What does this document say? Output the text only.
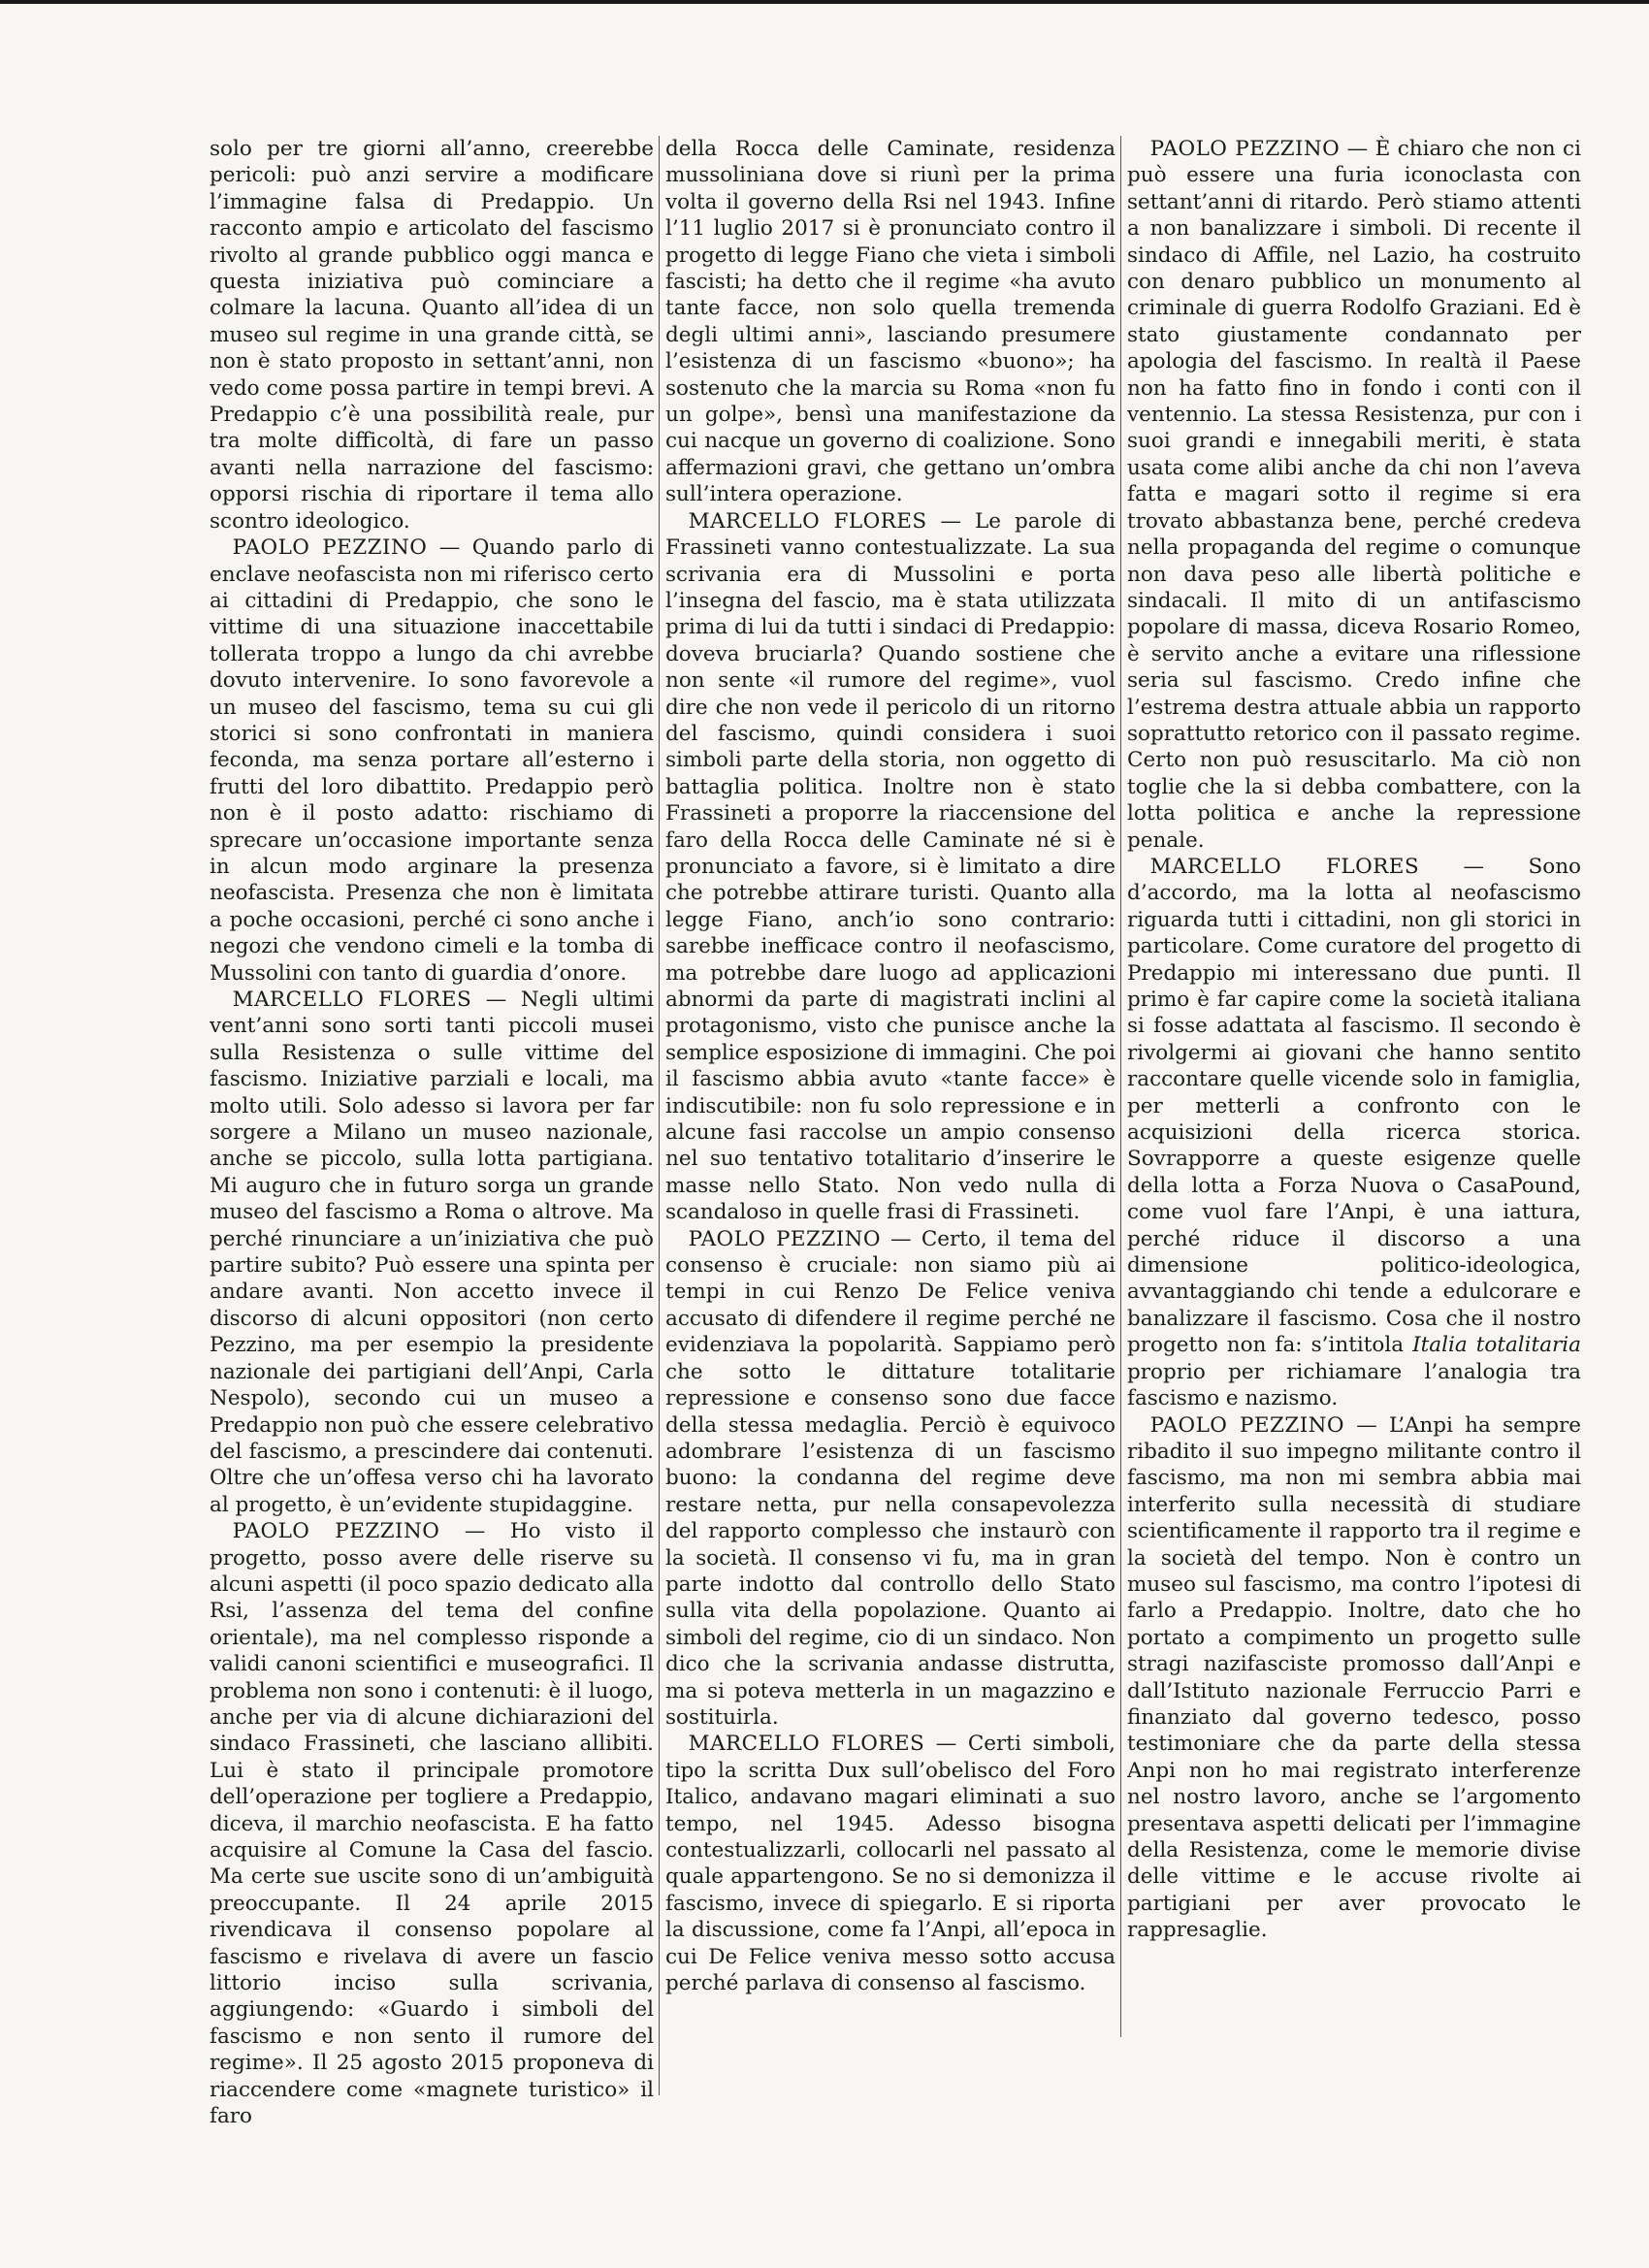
solo per tre giorni all’anno, creerebbe pericoli: può anzi servire a modificare l’immagine falsa di Predappio. Un racconto ampio e articolato del fascismo rivolto al grande pubblico oggi manca e questa iniziativa può cominciare a colmare la lacuna. Quanto all’idea di un museo sul regime in una grande città, se non è stato proposto in settant’anni, non vedo come possa partire in tempi brevi. A Predappio c’è una possibilità reale, pur tra molte difficoltà, di fare un passo avanti nella narrazione del fascismo: opporsi rischia di riportare il tema allo scontro ideologico.

PAOLO PEZZINO — Quando parlo di enclave neofascista non mi riferisco certo ai cittadini di Predappio, che sono le vittime di una situazione inaccettabile tollerata troppo a lungo da chi avrebbe dovuto intervenire. Io sono favorevole a un museo del fascismo, tema su cui gli storici si sono confrontati in maniera feconda, ma senza portare all’esterno i frutti del loro dibattito. Predappio però non è il posto adatto: rischiamo di sprecare un’occasione importante senza in alcun modo arginare la presenza neofascista. Presenza che non è limitata a poche occasioni, perché ci sono anche i negozi che vendono cimeli e la tomba di Mussolini con tanto di guardia d’onore.

MARCELLO FLORES — Negli ultimi vent’anni sono sorti tanti piccoli musei sulla Resistenza o sulle vittime del fascismo. Iniziative parziali e locali, ma molto utili. Solo adesso si lavora per far sorgere a Milano un museo nazionale, anche se piccolo, sulla lotta partigiana. Mi auguro che in futuro sorga un grande museo del fascismo a Roma o altrove. Ma perché rinunciare a un’iniziativa che può partire subito? Può essere una spinta per andare avanti. Non accetto invece il discorso di alcuni oppositori (non certo Pezzino, ma per esempio la presidente nazionale dei partigiani dell’Anpi, Carla Nespolo), secondo cui un museo a Predappio non può che essere celebrativo del fascismo, a prescindere dai contenuti. Oltre che un’offesa verso chi ha lavorato al progetto, è un’evidente stupidaggine.

PAOLO PEZZINO — Ho visto il progetto, posso avere delle riserve su alcuni aspetti (il poco spazio dedicato alla Rsi, l’assenza del tema del confine orientale), ma nel complesso risponde a validi canoni scientifici e museografici. Il problema non sono i contenuti: è il luogo, anche per via di alcune dichiarazioni del sindaco Frassineti, che lasciano allibiti. Lui è stato il principale promotore dell’operazione per togliere a Predappio, diceva, il marchio neofascista. E ha fatto acquisire al Comune la Casa del fascio. Ma certe sue uscite sono di un’ambiguità preoccupante. Il 24 aprile 2015 rivendicava il consenso popolare al fascismo e rivelava di avere un fascio littorio inciso sulla scrivania, aggiungendo: «Guardo i simboli del fascismo e non sento il rumore del regime». Il 25 agosto 2015 proponeva di riaccendere come «magnete turistico» il faro

della Rocca delle Caminate, residenza mussoliniana dove si riunì per la prima volta il governo della Rsi nel 1943. Infine l’11 luglio 2017 si è pronunciato contro il progetto di legge Fiano che vieta i simboli fascisti; ha detto che il regime «ha avuto tante facce, non solo quella tremenda degli ultimi anni», lasciando presumere l’esistenza di un fascismo «buono»; ha sostenuto che la marcia su Roma «non fu un golpe», bensì una manifestazione da cui nacque un governo di coalizione. Sono affermazioni gravi, che gettano un’ombra sull’intera operazione.

MARCELLO FLORES — Le parole di Frassineti vanno contestualizzate. La sua scrivania era di Mussolini e porta l’insegna del fascio, ma è stata utilizzata prima di lui da tutti i sindaci di Predappio: doveva bruciarla? Quando sostiene che non sente «il rumore del regime», vuol dire che non vede il pericolo di un ritorno del fascismo, quindi considera i suoi simboli parte della storia, non oggetto di battaglia politica. Inoltre non è stato Frassineti a proporre la riaccensione del faro della Rocca delle Caminate né si è pronunciato a favore, si è limitato a dire che potrebbe attirare turisti. Quanto alla legge Fiano, anch’io sono contrario: sarebbe inefficace contro il neofascismo, ma potrebbe dare luogo ad applicazioni abnormi da parte di magistrati inclini al protagonismo, visto che punisce anche la semplice esposizione di immagini. Che poi il fascismo abbia avuto «tante facce» è indiscutibile: non fu solo repressione e in alcune fasi raccolse un ampio consenso nel suo tentativo totalitario d’inserire le masse nello Stato. Non vedo nulla di scandaloso in quelle frasi di Frassineti.

PAOLO PEZZINO — Certo, il tema del consenso è cruciale: non siamo più ai tempi in cui Renzo De Felice veniva accusato di difendere il regime perché ne evidenziava la popolarità. Sappiamo però che sotto le dittature totalitarie repressione e consenso sono due facce della stessa medaglia. Perciò è equivoco adombrare l’esistenza di un fascismo buono: la condanna del regime deve restare netta, pur nella consapevolezza del rapporto complesso che instaurò con la società. Il consenso vi fu, ma in gran parte indotto dal controllo dello Stato sulla vita della popolazione. Quanto ai simboli del regime, cio di un sindaco. Non dico che la scrivania andasse distrutta, ma si poteva metterla in un magazzino e sostituirla.

MARCELLO FLORES — Certi simboli, tipo la scritta Dux sull’obelisco del Foro Italico, andavano magari eliminati a suo tempo, nel 1945. Adesso bisogna contestualizzarli, collocarli nel passato al quale appartengono. Se no si demonizza il fascismo, invece di spiegarlo. E si riporta la discussione, come fa l’Anpi, all’epoca in cui De Felice veniva messo sotto accusa perché parlava di consenso al fascismo.

PAOLO PEZZINO — È chiaro che non ci può essere una furia iconoclasta con settant’anni di ritardo. Però stiamo attenti a non banalizzare i simboli. Di recente il sindaco di Affile, nel Lazio, ha costruito con denaro pubblico un monumento al criminale di guerra Rodolfo Graziani. Ed è stato giustamente condannato per apologia del fascismo. In realtà il Paese non ha fatto fino in fondo i conti con il ventennio. La stessa Resistenza, pur con i suoi grandi e innegabili meriti, è stata usata come alibi anche da chi non l’aveva fatta e magari sotto il regime si era trovato abbastanza bene, perché credeva nella propaganda del regime o comunque non dava peso alle libertà politiche e sindacali. Il mito di un antifascismo popolare di massa, diceva Rosario Romeo, è servito anche a evitare una riflessione seria sul fascismo. Credo infine che l’estrema destra attuale abbia un rapporto soprattutto retorico con il passato regime. Certo non può resuscitarlo. Ma ciò non toglie che la si debba combattere, con la lotta politica e anche la repressione penale.

MARCELLO FLORES — Sono d’accordo, ma la lotta al neofascismo riguarda tutti i cittadini, non gli storici in particolare. Come curatore del progetto di Predappio mi interessano due punti. Il primo è far capire come la società italiana si fosse adattata al fascismo. Il secondo è rivolgermi ai giovani che hanno sentito raccontare quelle vicende solo in famiglia, per metterli a confronto con le acquisizioni della ricerca storica. Sovrapporre a queste esigenze quelle della lotta a Forza Nuova o CasaPound, come vuol fare l’Anpi, è una iattura, perché riduce il discorso a una dimensione politico-ideologica, avvantaggiando chi tende a edulcorare e banalizzare il fascismo. Cosa che il nostro progetto non fa: s’intitola Italia totalitaria proprio per richiamare l’analogia tra fascismo e nazismo.

PAOLO PEZZINO — L’Anpi ha sempre ribadito il suo impegno militante contro il fascismo, ma non mi sembra abbia mai interferito sulla necessità di studiare scientificamente il rapporto tra il regime e la società del tempo. Non è contro un museo sul fascismo, ma contro l’ipotesi di farlo a Predappio. Inoltre, dato che ho portato a compimento un progetto sulle stragi nazifasciste promosso dall’Anpi e dall’Istituto nazionale Ferruccio Parri e finanziato dal governo tedesco, posso testimoniare che da parte della stessa Anpi non ho mai registrato interferenze nel nostro lavoro, anche se l’argomento presentava aspetti delicati per l’immagine della Resistenza, come le memorie divise delle vittime e le accuse rivolte ai partigiani per aver provocato le rappresaglie.
